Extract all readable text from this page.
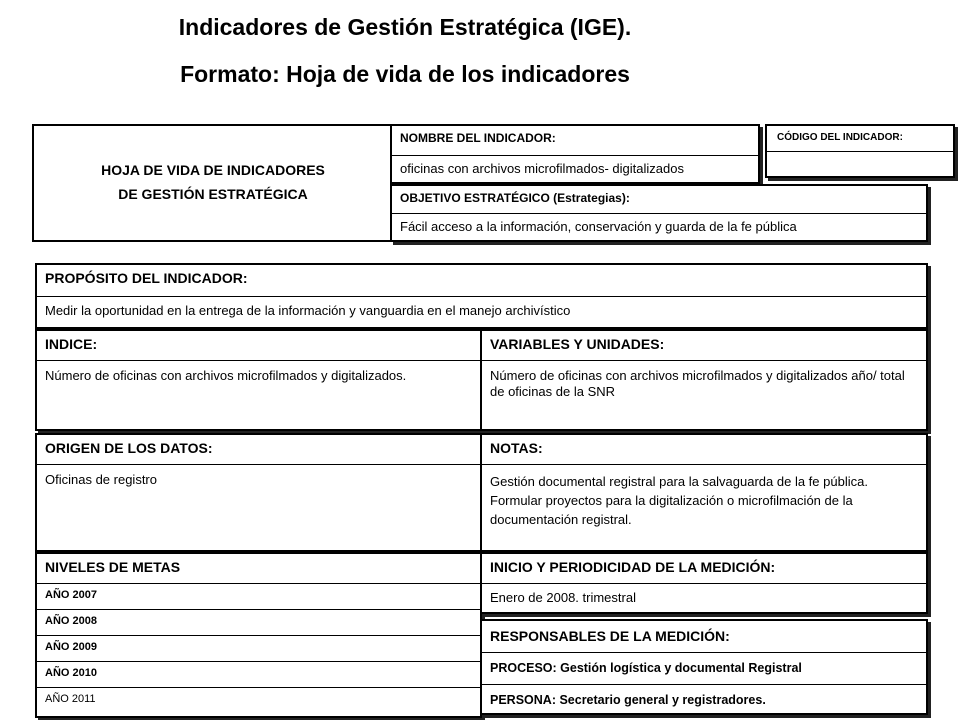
Indicadores de Gestión Estratégica (IGE).
Formato: Hoja de vida de los indicadores
HOJA DE VIDA DE INDICADORES
DE GESTIÓN ESTRATÉGICA
NOMBRE DEL INDICADOR:
oficinas con archivos microfilmados- digitalizados
CÓDIGO DEL INDICADOR:
OBJETIVO ESTRATÉGICO (Estrategias):
Fácil acceso a la información, conservación y guarda de la fe pública
PROPÓSITO DEL INDICADOR:
Medir la oportunidad en la entrega de la información y vanguardia en el manejo archivístico
INDICE:
Número de oficinas con archivos microfilmados y digitalizados.
VARIABLES Y UNIDADES:
Número de oficinas con archivos microfilmados y digitalizados año/ total de oficinas de la SNR
ORIGEN DE LOS DATOS:
Oficinas de registro
NOTAS:
Gestión documental registral para la salvaguarda de la fe pública. Formular proyectos para la digitalización o microfilmación de la documentación registral.
NIVELES DE METAS
AÑO 2007
AÑO 2008
AÑO 2009
AÑO 2010
AÑO 2011
INICIO Y PERIODICIDAD DE LA MEDICIÓN:
Enero de 2008. trimestral
RESPONSABLES DE LA MEDICIÓN:
PROCESO: Gestión logística y documental Registral
PERSONA: Secretario general y registradores.
